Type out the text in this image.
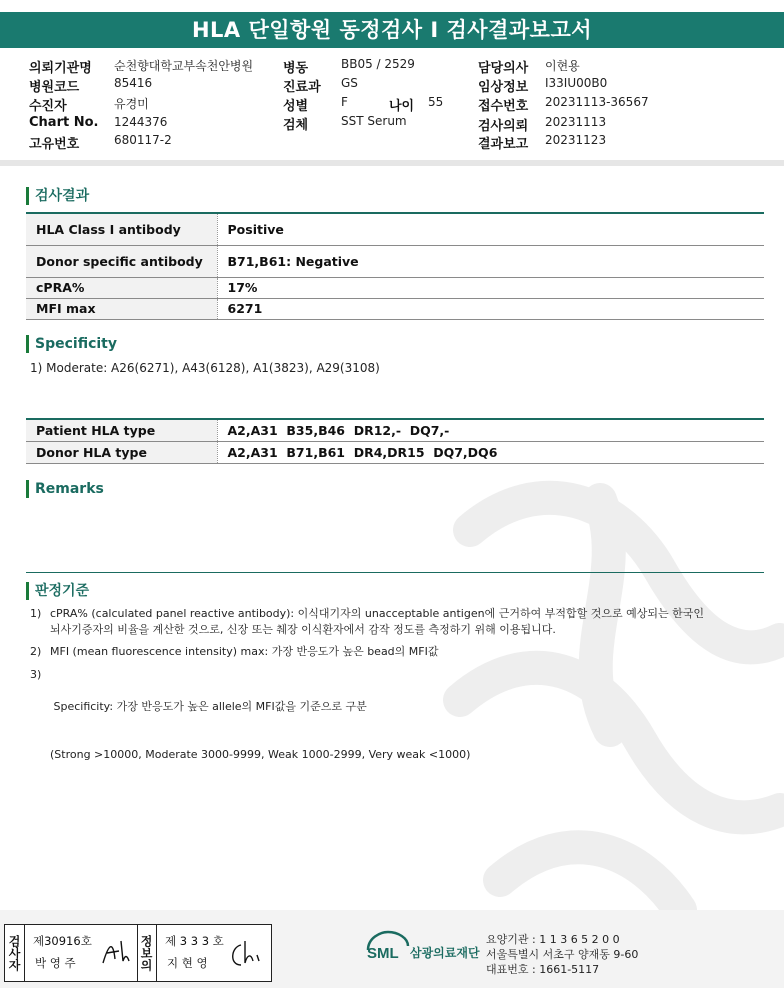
HLA 단일항원 동정검사 I 검사결과보고서
의뢰기관명 순천향대학교부속천안병원
병원코드	85416
수진자	유경미
Chart No. 1244376
고유번호	680117-2
병동	BB05 / 2529
진료과 GS
성별	F	나이 55
검체	SST Serum
담당의사 이현용
임상정보 I33IU00B0
접수번호 20231113-36567
검사의뢰 20231113
결과보고 20231123
검사결과
HLA Class I antibody	Positive
Donor specific antibody	B71,B61: Negative
cPRA%	17%
MFI max	6271
Specificity
1) Moderate: A26(6271), A43(6128), A1(3823), A29(3108)
Patient HLA type	A2,A31  B35,B46  DR12,-  DQ7,-
Donor HLA type	A2,A31  B71,B61  DR4,DR15  DQ7,DQ6
Remarks
판정기준
1) cPRA% (calculated panel reactive antibody): 이식대기자의 unacceptable antigen에 근거하여 부적합할 것으로 예상되는 한국인
뇌사기증자의 비율을 계산한 것으로, 신장 또는 췌장 이식환자에서 감작 정도를 측정하기 위해 이용됩니다.
2) MFI (mean fluorescence intensity) max: 가장 반응도가 높은 bead의 MFI값
3)

Specificity: 가장 반응도가 높은 allele의 MFI값을 기준으로 구분

(Strong >10000, Moderate 3000-9999, Weak 1000-2999, Very weak <1000)

검사자	제30916호
박 영 주	정보의	제 3 3 3 호
지 현 영
SML 삼광의료재단
요양기관 : 1 1 3 6 5 2 0 0
서울특별시 서초구 양재동 9-60
대표번호 : 1661-5117
